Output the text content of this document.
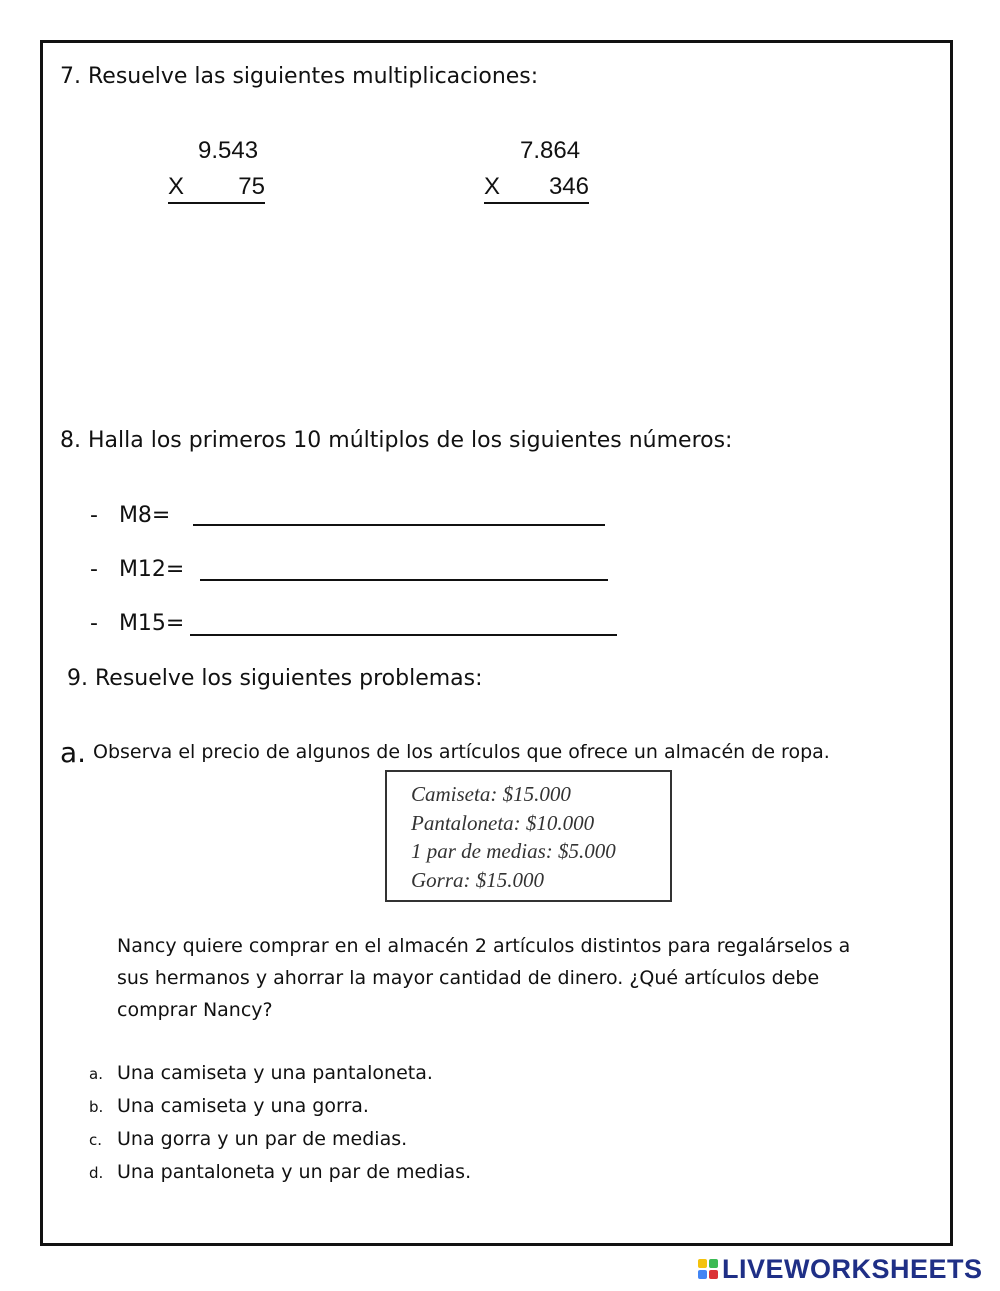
7. Resuelve las siguientes multiplicaciones:
9.543
X 75
7.864
X 346
8. Halla los primeros 10 múltiplos de los siguientes números:
- M8=
- M12=
- M15=
9. Resuelve los siguientes problemas:
a. Observa el precio de algunos de los artículos que ofrece un almacén de ropa.
Camiseta: $15.000
Pantaloneta: $10.000
1 par de medias: $5.000
Gorra: $15.000
Nancy quiere comprar en el almacén 2 artículos distintos para regalárselos a
sus hermanos y ahorrar la mayor cantidad de dinero. ¿Qué artículos debe
comprar Nancy?
a. Una camiseta y una pantaloneta.
b. Una camiseta y una gorra.
c. Una gorra y un par de medias.
d. Una pantaloneta y un par de medias.
LIVEWORKSHEETS
